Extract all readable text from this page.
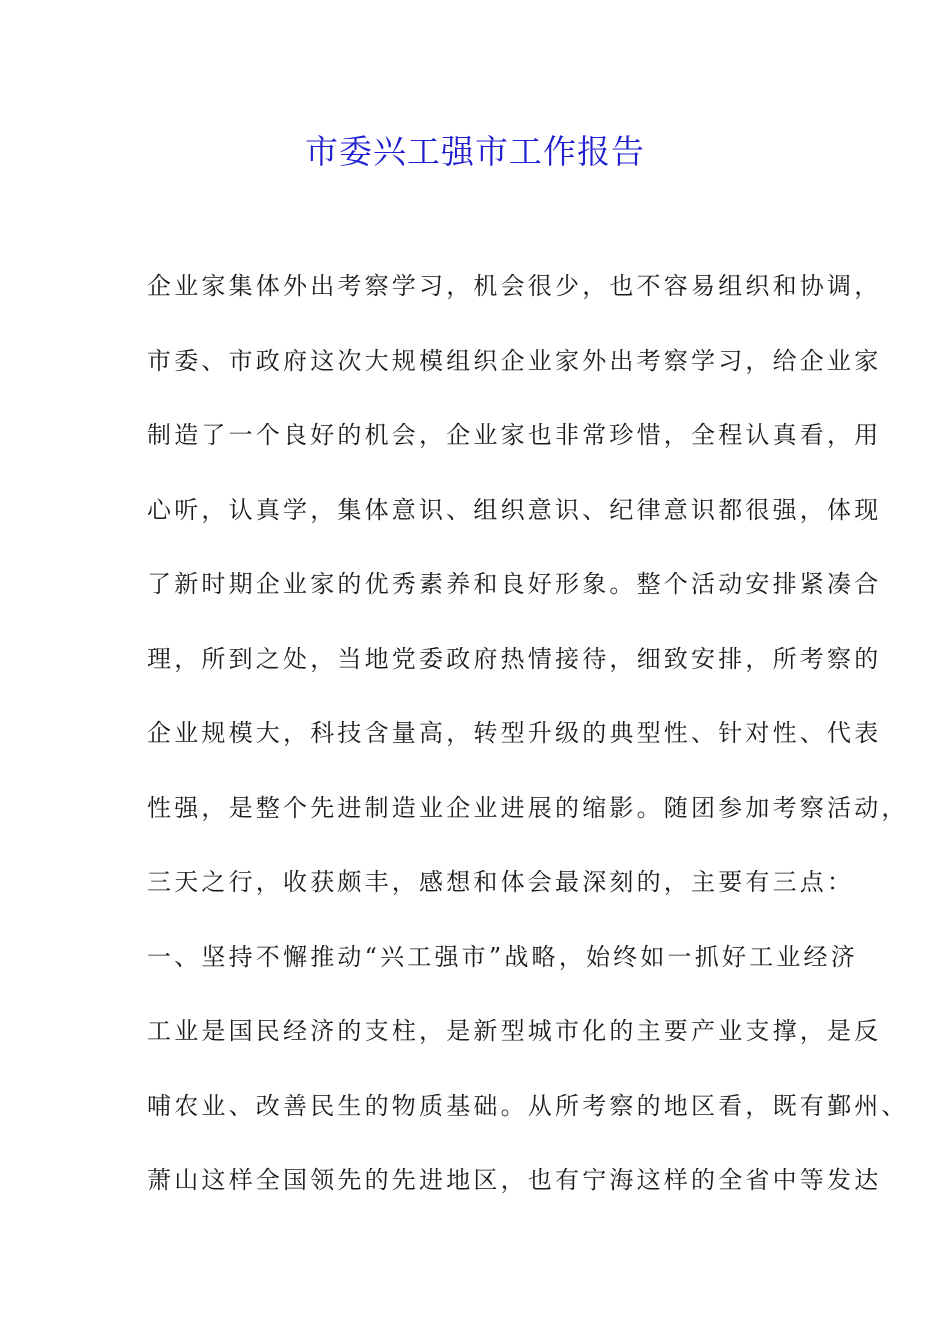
市委兴工强市工作报告
企业家集体外出考察学习，机会很少，也不容易组织和协调，
市委、市政府这次大规模组织企业家外出考察学习，给企业家
制造了一个良好的机会，企业家也非常珍惜，全程认真看，用
心听，认真学，集体意识、组织意识、纪律意识都很强，体现
了新时期企业家的优秀素养和良好形象。整个活动安排紧凑合
理，所到之处，当地党委政府热情接待，细致安排，所考察的
企业规模大，科技含量高，转型升级的典型性、针对性、代表
性强，是整个先进制造业企业进展的缩影。随团参加考察活动，
三天之行，收获颇丰，感想和体会最深刻的，主要有三点：
一、坚持不懈推动“兴工强市”战略，始终如一抓好工业经济
工业是国民经济的支柱，是新型城市化的主要产业支撑，是反
哺农业、改善民生的物质基础。从所考察的地区看，既有鄞州、
萧山这样全国领先的先进地区，也有宁海这样的全省中等发达
